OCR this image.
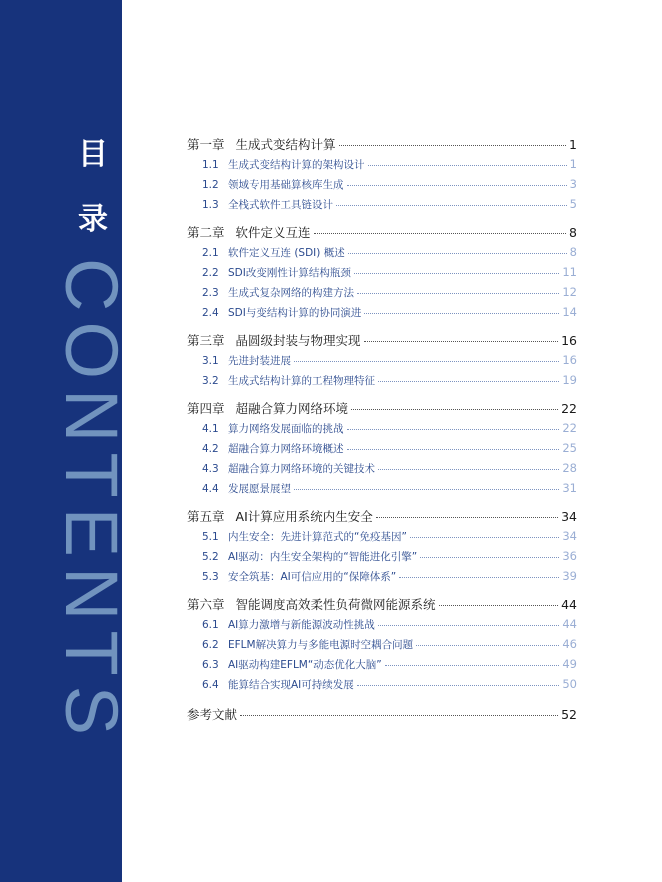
目
录
CONTENTS
第一章 生成式变结构计算	1
1.1 生成式变结构计算的架构设计	1
1.2 领域专用基础算核库生成	3
1.3 全栈式软件工具链设计	5
第二章 软件定义互连	8
2.1 软件定义互连 (SDI) 概述	8
2.2 SDI改变刚性计算结构瓶颈	11
2.3 生成式复杂网络的构建方法	12
2.4 SDI与变结构计算的协同演进	14
第三章 晶圆级封装与物理实现	16
3.1 先进封装进展	16
3.2 生成式结构计算的工程物理特征	19
第四章 超融合算力网络环境	22
4.1 算力网络发展面临的挑战	22
4.2 超融合算力网络环境概述	25
4.3 超融合算力网络环境的关键技术	28
4.4 发展愿景展望	31
第五章 AI计算应用系统内生安全	34
5.1 内生安全：先进计算范式的“免疫基因”	34
5.2 AI驱动：内生安全架构的“智能进化引擎”	36
5.3 安全筑基：AI可信应用的“保障体系”	39
第六章 智能调度高效柔性负荷微网能源系统	44
6.1 AI算力激增与新能源波动性挑战	44
6.2 EFLM解决算力与多能电源时空耦合问题	46
6.3 AI驱动构建EFLM“动态优化大脑”	49
6.4 能算结合实现AI可持续发展	50
参考文献	52
